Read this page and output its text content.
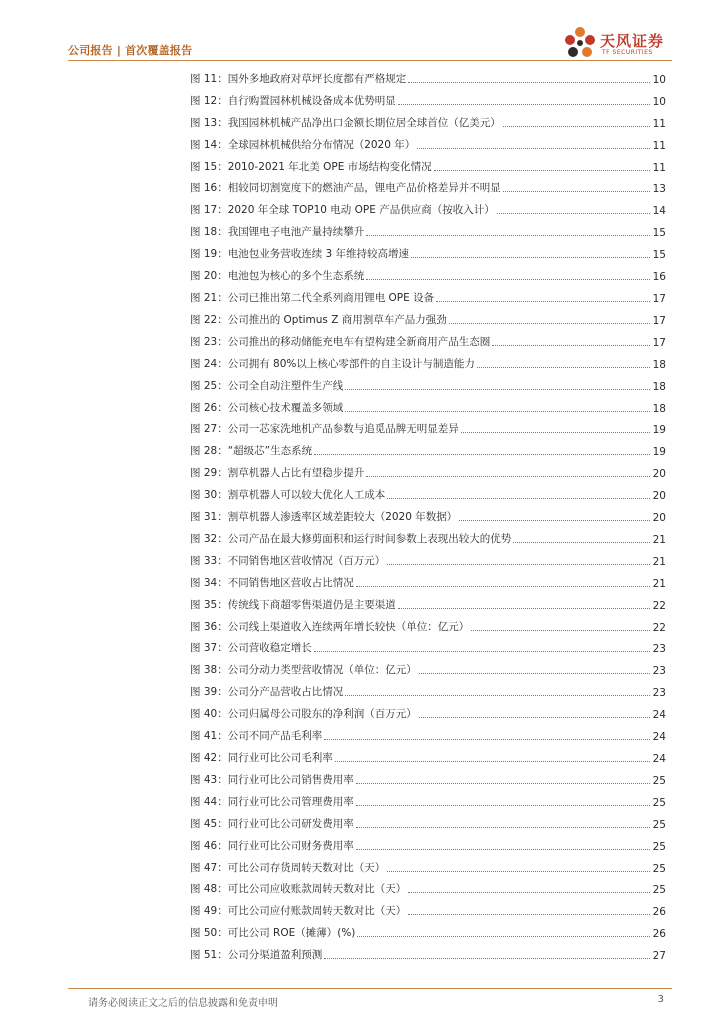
公司报告 | 首次覆盖报告
天风证券
TF SECURITIES
图 11：国外多地政府对草坪长度都有严格规定	10
图 12：自行购置园林机械设备成本优势明显	10
图 13：我国园林机械产品净出口金额长期位居全球首位（亿美元）	11
图 14：全球园林机械供给分布情况（2020 年）	11
图 15：2010-2021 年北美 OPE 市场结构变化情况	11
图 16：相较同切割宽度下的燃油产品，锂电产品价格差异并不明显	13
图 17：2020 年全球 TOP10 电动 OPE 产品供应商（按收入计）	14
图 18：我国锂电子电池产量持续攀升	15
图 19：电池包业务营收连续 3 年维持较高增速	15
图 20：电池包为核心的多个生态系统	16
图 21：公司已推出第二代全系列商用锂电 OPE 设备	17
图 22：公司推出的 Optimus Z 商用割草车产品力强劲	17
图 23：公司推出的移动储能充电车有望构建全新商用产品生态圈	17
图 24：公司拥有 80%以上核心零部件的自主设计与制造能力	18
图 25：公司全自动注塑件生产线	18
图 26：公司核心技术覆盖多领域	18
图 27：公司一芯家洗地机产品参数与追觅品牌无明显差异	19
图 28：“超级芯”生态系统	19
图 29：割草机器人占比有望稳步提升	20
图 30：割草机器人可以较大优化人工成本	20
图 31：割草机器人渗透率区域差距较大（2020 年数据）	20
图 32：公司产品在最大修剪面积和运行时间参数上表现出较大的优势	21
图 33：不同销售地区营收情况（百万元）	21
图 34：不同销售地区营收占比情况	21
图 35：传统线下商超零售渠道仍是主要渠道	22
图 36：公司线上渠道收入连续两年增长较快（单位：亿元）	22
图 37：公司营收稳定增长	23
图 38：公司分动力类型营收情况（单位：亿元）	23
图 39：公司分产品营收占比情况	23
图 40：公司归属母公司股东的净利润（百万元）	24
图 41：公司不同产品毛利率	24
图 42：同行业可比公司毛利率	24
图 43：同行业可比公司销售费用率	25
图 44：同行业可比公司管理费用率	25
图 45：同行业可比公司研发费用率	25
图 46：同行业可比公司财务费用率	25
图 47：可比公司存货周转天数对比（天）	25
图 48：可比公司应收账款周转天数对比（天）	25
图 49：可比公司应付账款周转天数对比（天）	26
图 50：可比公司 ROE（摊薄）(%)	26
图 51：公司分渠道盈利预测	27
请务必阅读正文之后的信息披露和免责申明	3
